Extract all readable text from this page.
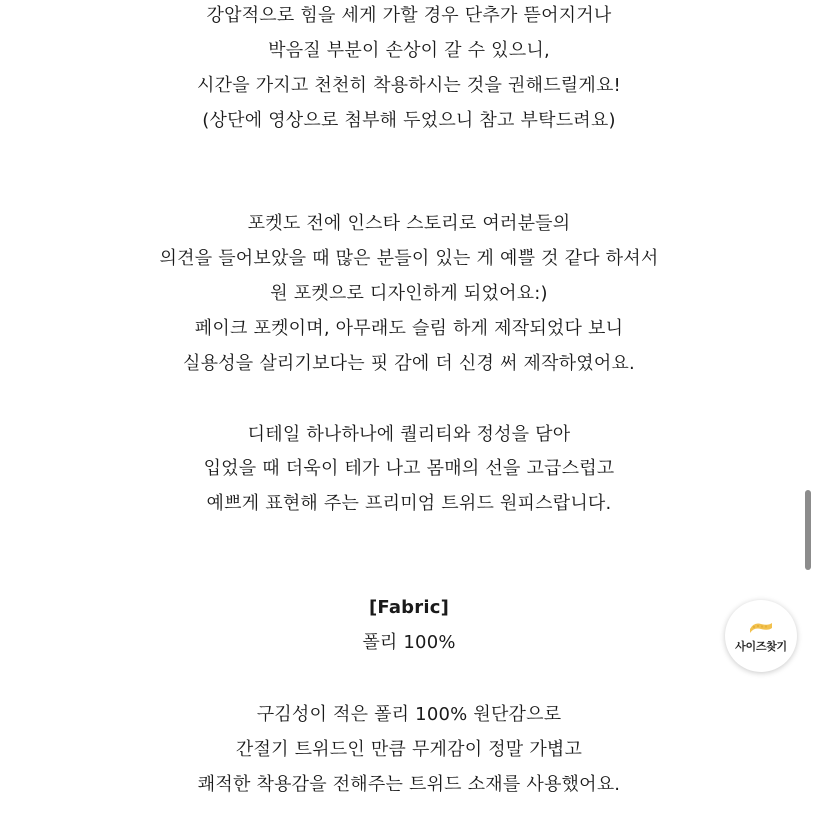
강압적으로 힘을 세게 가할 경우 단추가 뜯어지거나
박음질 부분이 손상이 갈 수 있으니,
시간을 가지고 천천히 착용하시는 것을 권해드릴게요!
(상단에 영상으로 첨부해 두었으니 참고 부탁드려요)
포켓도 전에 인스타 스토리로 여러분들의
의견을 들어보았을 때 많은 분들이 있는 게 예쁠 것 같다 하셔서
원 포켓으로 디자인하게 되었어요:)
페이크 포켓이며, 아무래도 슬림 하게 제작되었다 보니
실용성을 살리기보다는 핏 감에 더 신경 써 제작하였어요.
디테일 하나하나에 퀄리티와 정성을 담아
입었을 때 더욱이 테가 나고 몸매의 선을 고급스럽고
예쁘게 표현해 주는 프리미엄 트위드 원피스랍니다.
[Fabric]
폴리 100%
구김성이 적은 폴리 100% 원단감으로
간절기 트위드인 만큼 무게감이 정말 가볍고
쾌적한 착용감을 전해주는 트위드 소재를 사용했어요.
사이즈찾기
